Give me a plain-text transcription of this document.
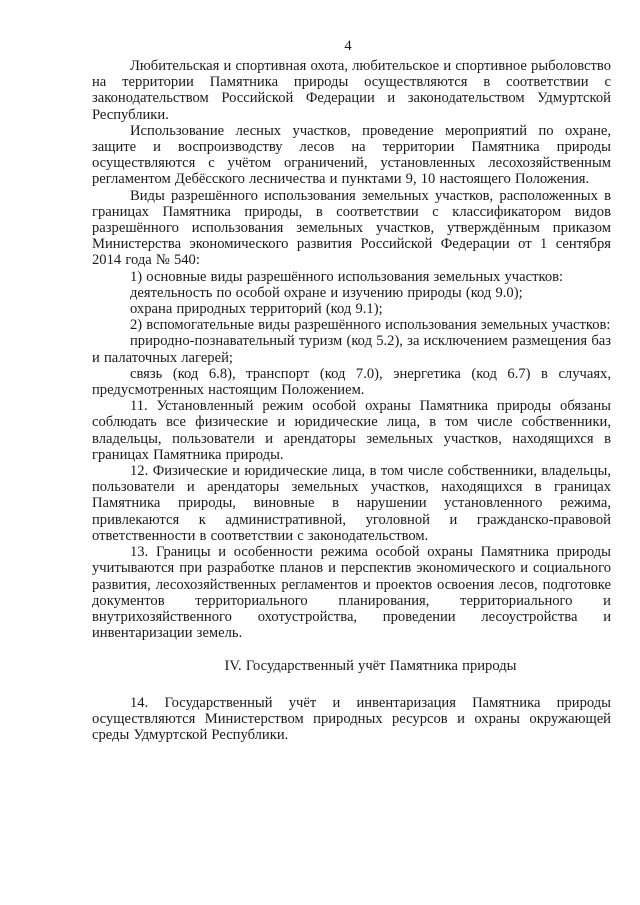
4

Любительская и спортивная охота, любительское и спортивное рыболовство на территории Памятника природы осуществляются в соответствии с законодательством Российской Федерации и законодательством Удмуртской Республики.

Использование лесных участков, проведение мероприятий по охране, защите и воспроизводству лесов на территории Памятника природы осуществляются с учётом ограничений, установленных лесохозяйственным регламентом Дебёсского лесничества и пунктами 9, 10 настоящего Положения.

Виды разрешённого использования земельных участков, расположенных в границах Памятника природы, в соответствии с классификатором видов разрешённого использования земельных участков, утверждённым приказом Министерства экономического развития Российской Федерации от 1 сентября 2014 года № 540:

1) основные виды разрешённого использования земельных участков:

деятельность по особой охране и изучению природы (код 9.0);

охрана природных территорий (код 9.1);

2) вспомогательные виды разрешённого использования земельных участков:

природно-познавательный туризм (код 5.2), за исключением размещения баз и палаточных лагерей;

связь (код 6.8), транспорт (код 7.0), энергетика (код 6.7) в случаях, предусмотренных настоящим Положением.

11. Установленный режим особой охраны Памятника природы обязаны соблюдать все физические и юридические лица, в том числе собственники, владельцы, пользователи и арендаторы земельных участков, находящихся в границах Памятника природы.

12. Физические и юридические лица, в том числе собственники, владельцы, пользователи и арендаторы земельных участков, находящихся в границах Памятника природы, виновные в нарушении установленного режима, привлекаются к административной, уголовной и гражданско-правовой ответственности в соответствии с законодательством.

13. Границы и особенности режима особой охраны Памятника природы учитываются при разработке планов и перспектив экономического и социального развития, лесохозяйственных регламентов и проектов освоения лесов, подготовке документов территориального планирования, территориального и внутрихозяйственного охотустройства, проведении лесоустройства и инвентаризации земель.

IV. Государственный учёт Памятника природы

14. Государственный учёт и инвентаризация Памятника природы осуществляются Министерством природных ресурсов и охраны окружающей среды Удмуртской Республики.
